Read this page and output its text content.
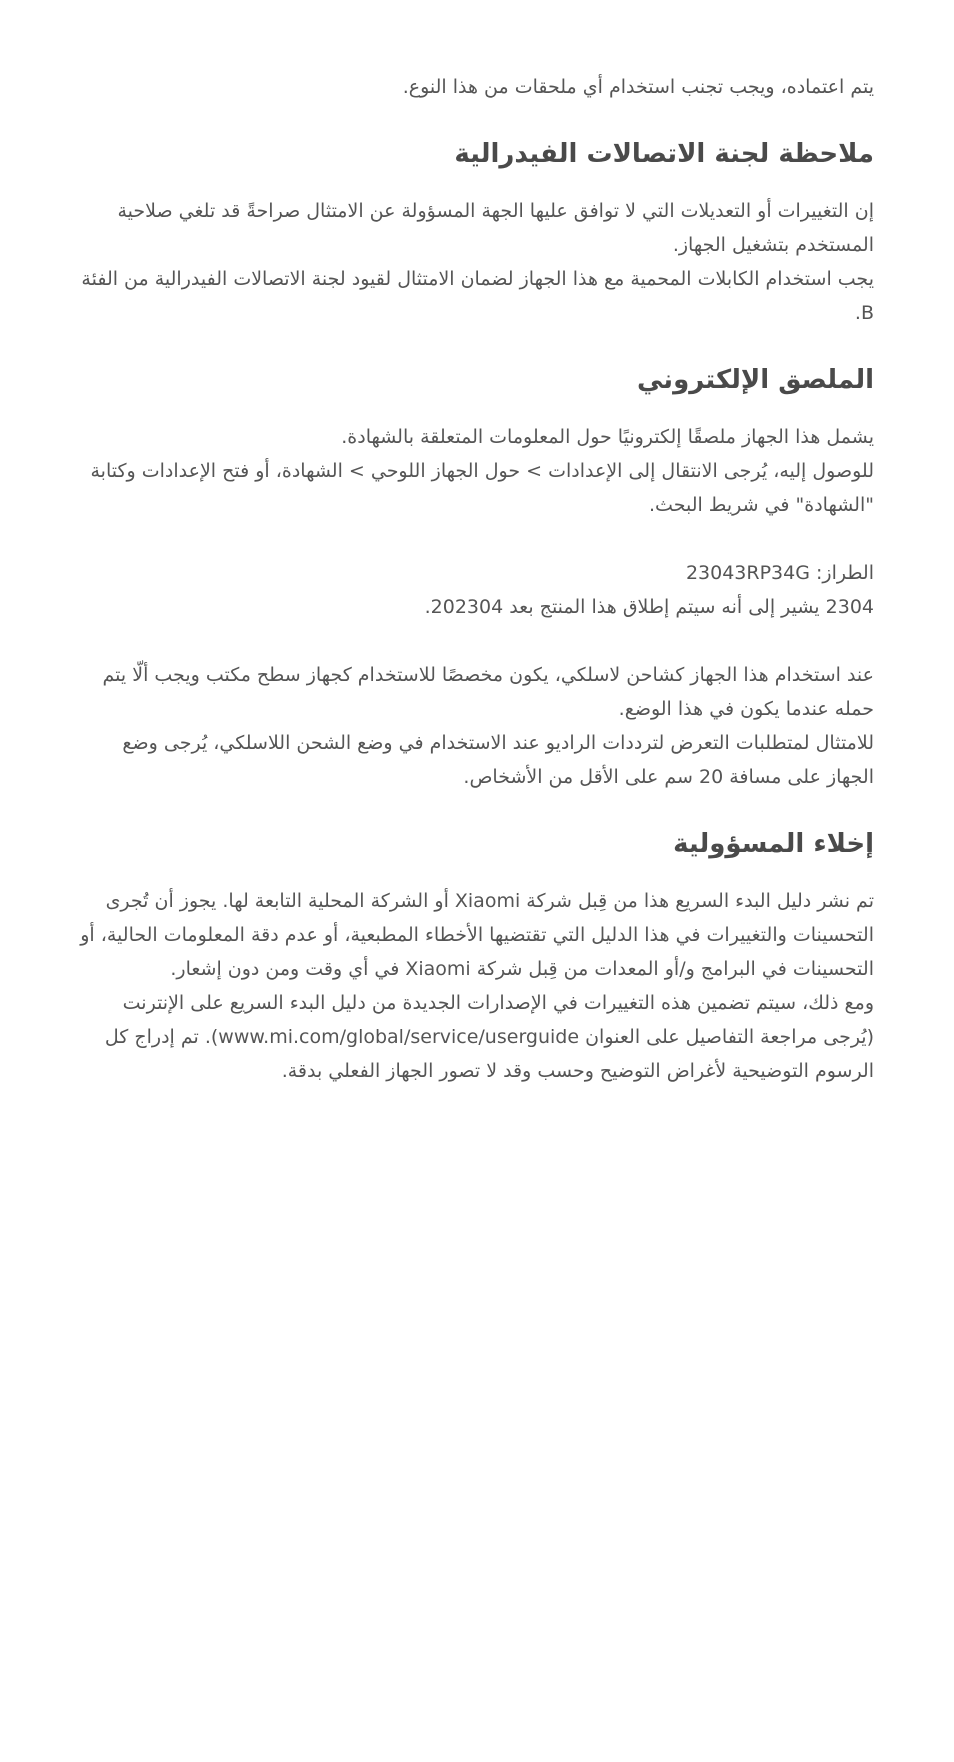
يتم اعتماده، ويجب تجنب استخدام أي ملحقات من هذا النوع.

ملاحظة لجنة الاتصالات الفيدرالية

إن التغييرات أو التعديلات التي لا توافق عليها الجهة المسؤولة عن الامتثال صراحةً قد تلغي صلاحية المستخدم بتشغيل الجهاز.

يجب استخدام الكابلات المحمية مع هذا الجهاز لضمان الامتثال لقيود لجنة الاتصالات الفيدرالية من الفئة B.

الملصق الإلكتروني

يشمل هذا الجهاز ملصقًا إلكترونيًا حول المعلومات المتعلقة بالشهادة.

للوصول إليه، يُرجى الانتقال إلى الإعدادات > حول الجهاز اللوحي > الشهادة، أو فتح الإعدادات وكتابة "الشهادة" في شريط البحث.

الطراز: 23043RP34G

2304 يشير إلى أنه سيتم إطلاق هذا المنتج بعد 202304.

عند استخدام هذا الجهاز كشاحن لاسلكي، يكون مخصصًا للاستخدام كجهاز سطح مكتب ويجب ألّا يتم حمله عندما يكون في هذا الوضع.

للامتثال لمتطلبات التعرض لترددات الراديو عند الاستخدام في وضع الشحن اللاسلكي، يُرجى وضع الجهاز على مسافة 20 سم على الأقل من الأشخاص.

إخلاء المسؤولية

تم نشر دليل البدء السريع هذا من قِبل شركة Xiaomi أو الشركة المحلية التابعة لها. يجوز أن تُجرى التحسينات والتغييرات في هذا الدليل التي تقتضيها الأخطاء المطبعية، أو عدم دقة المعلومات الحالية، أو التحسينات في البرامج و/أو المعدات من قِبل شركة Xiaomi في أي وقت ومن دون إشعار.

ومع ذلك، سيتم تضمين هذه التغييرات في الإصدارات الجديدة من دليل البدء السريع على الإنترنت (يُرجى مراجعة التفاصيل على العنوان www.mi.com/global/service/userguide). تم إدراج كل الرسوم التوضيحية لأغراض التوضيح وحسب وقد لا تصور الجهاز الفعلي بدقة.
